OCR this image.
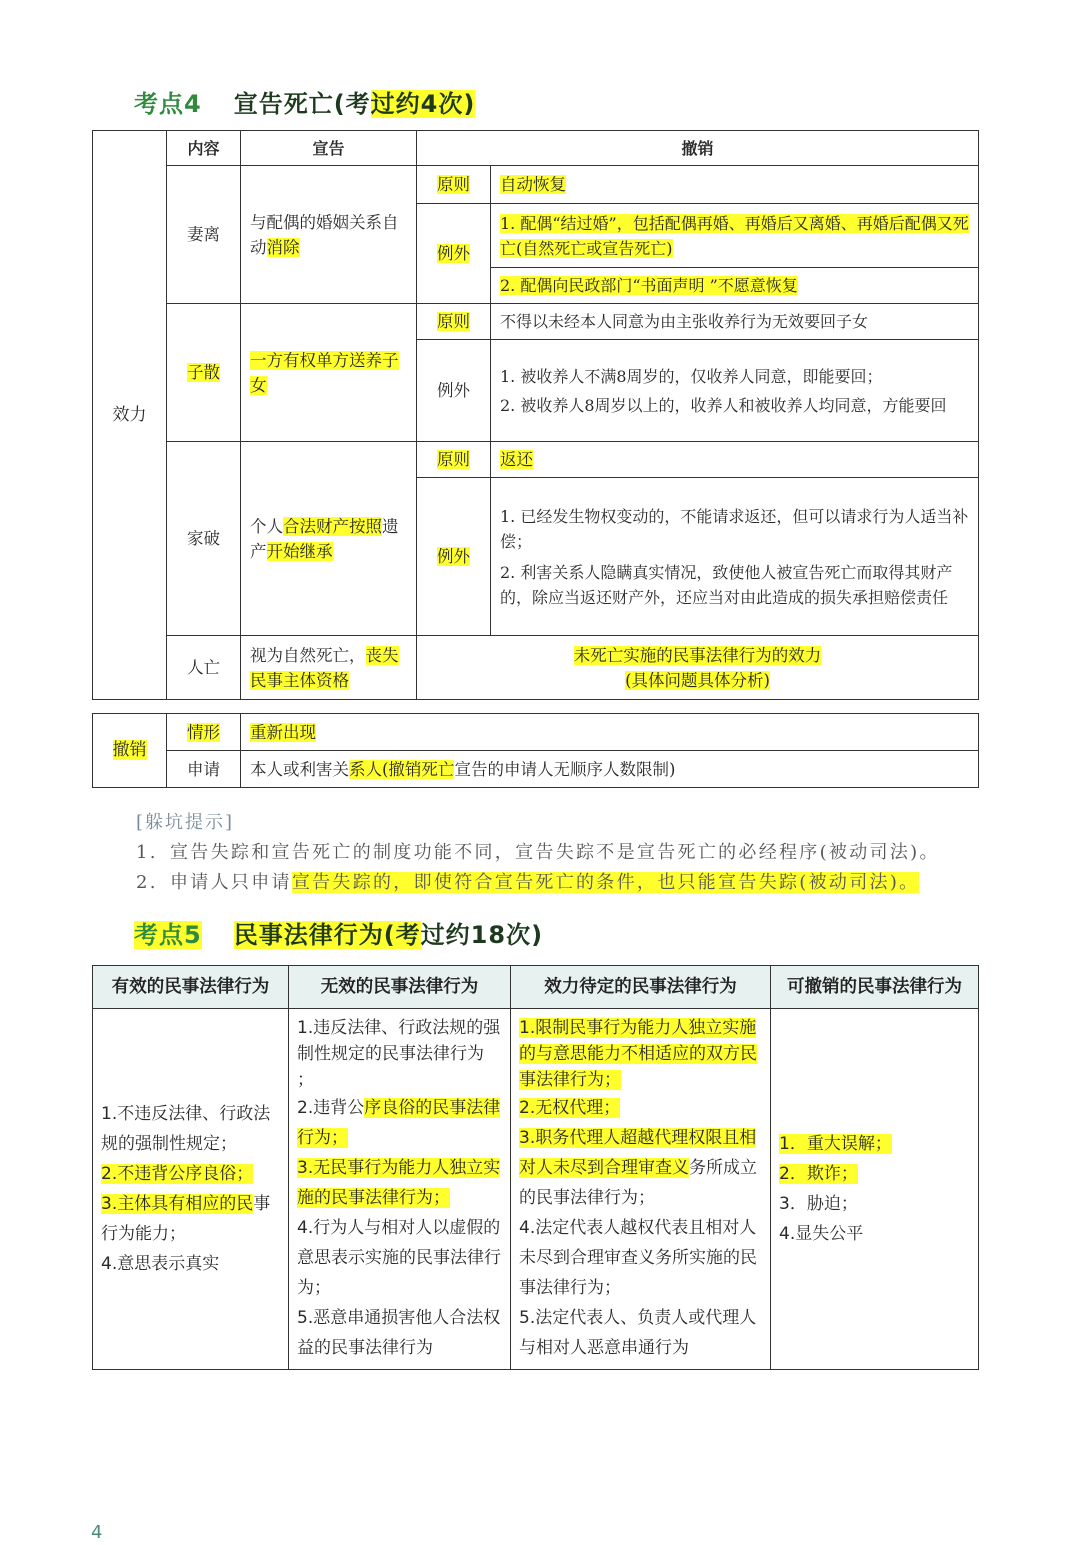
考点4 宣告死亡(考过约4次)
效力	内容	宣告	撤销	
	妻离	与配偶的婚姻关系自动消除	原则	自动恢复
			例外	1. 配偶“结过婚”，包括配偶再婚、再婚后又离婚、再婚后配偶又死亡(自然死亡或宣告死亡)
				2. 配偶向民政部门“书面声明 ”不愿意恢复
	子散	一方有权单方送养子女	原则	不得以未经本人同意为由主张收养行为无效要回子女
			例外	1. 被收养人不满8周岁的，仅收养人同意，即能要回；
2. 被收养人8周岁以上的，收养人和被收养人均同意，方能要回

	家破	个人合法财产按照遗产开始继承	原则	返还
			例外	1. 已经发生物权变动的，不能请求返还，但可以请求行为人适当补偿；
2. 利害关系人隐瞒真实情况，致使他人被宣告死亡而取得其财产的，除应当返还财产外，还应当对由此造成的损失承担赔偿责任

	人亡	视为自然死亡，丧失民事主体资格	未死亡实施的民事法律行为的效力
(具体问题具体分析)	
撤销	情形	重新出现
	申请	本人或利害关系人(撤销死亡宣告的申请人无顺序人数限制)
[躲坑提示]
1. 宣告失踪和宣告死亡的制度功能不同，宣告失踪不是宣告死亡的必经程序(被动司法)。
2. 申请人只申请宣告失踪的，即使符合宣告死亡的条件，也只能宣告失踪(被动司法)。
考点5 民事法律行为(考过约18次)
有效的民事法律行为	无效的民事法律行为	效力待定的民事法律行为	可撤销的民事法律行为

1.不违反法律、行政法规的强制性规定；
2.不违背公序良俗；
3.主体具有相应的民事行为能力；
4.意思表示真实	1.违反法律、行政法规的强制性规定的民事法律行为 ；
2.违背公序良俗的民事法律行为；
3.无民事行为能力人独立实施的民事法律行为；
4.行为人与相对人以虚假的意思表示实施的民事法律行为；
5.恶意串通损害他人合法权益的民事法律行为	1.限制民事行为能力人独立实施的与意思能力不相适应的双方民事法律行为；
2.无权代理；
3.职务代理人超越代理权限且相对人未尽到合理审查义务所成立的民事法律行为；
4.法定代表人越权代表且相对人未尽到合理审查义务所实施的民事法律行为；
5.法定代表人、负责人或代理人与相对人恶意串通行为	1．重大误解；
2．欺诈；
3．胁迫；
4.显失公平
4
